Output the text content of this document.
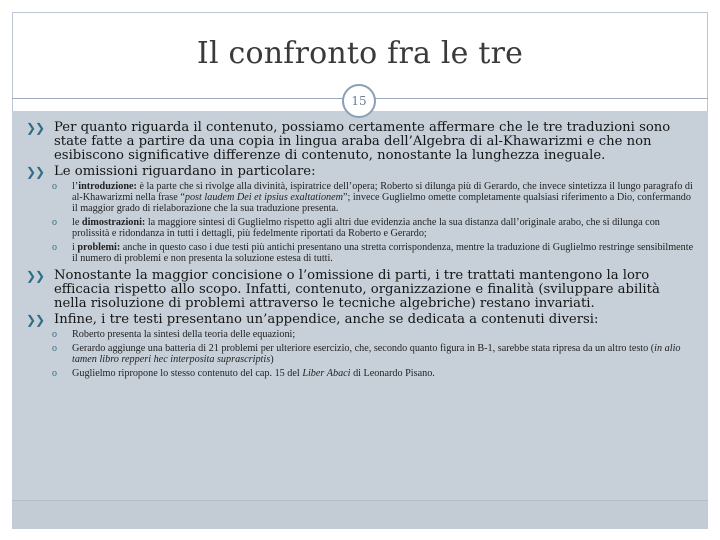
Il confronto fra le tre
15
❯❯ Per quanto riguarda il contenuto, possiamo certamente affermare che le tre traduzioni sono state fatte a partire da una copia in lingua araba dell’Algebra di al-Khawarizmi e che non esibiscono significative differenze di contenuto, nonostante la lunghezza ineguale.
❯❯ Le omissioni riguardano in particolare:
o l’introduzione: è la parte che si rivolge alla divinità, ispiratrice dell’opera; Roberto si dilunga più di Gerardo, che invece sintetizza il lungo paragrafo di al-Khawarizmi nella frase “post laudem Dei et ipsius exaltationem”; invece Guglielmo omette completamente qualsiasi riferimento a Dio, confermando il maggior grado di rielaborazione che la sua traduzione presenta.
o le dimostrazioni: la maggiore sintesi di Guglielmo rispetto agli altri due evidenzia anche la sua distanza dall’originale arabo, che si dilunga con prolissità e ridondanza in tutti i dettagli, più fedelmente riportati da Roberto e Gerardo;
o i problemi: anche in questo caso i due testi più antichi presentano una stretta corrispondenza, mentre la traduzione di Guglielmo restringe sensibilmente il numero di problemi e non presenta la soluzione estesa di tutti.
❯❯ Nonostante la maggior concisione o l’omissione di parti, i tre trattati mantengono la loro efficacia rispetto allo scopo. Infatti, contenuto, organizzazione e finalità (sviluppare abilità nella risoluzione di problemi attraverso le tecniche algebriche) restano invariati.
❯❯ Infine, i tre testi presentano un’appendice, anche se dedicata a contenuti diversi:
o Roberto presenta la sintesi della teoria delle equazioni;
o Gerardo aggiunge una batteria di 21 problemi per ulteriore esercizio, che, secondo quanto figura in B-1, sarebbe stata ripresa da un altro testo (in alio tamen libro repperi hec interposita suprascriptis)
o Guglielmo ripropone lo stesso contenuto del cap. 15 del Liber Abaci di Leonardo Pisano.
